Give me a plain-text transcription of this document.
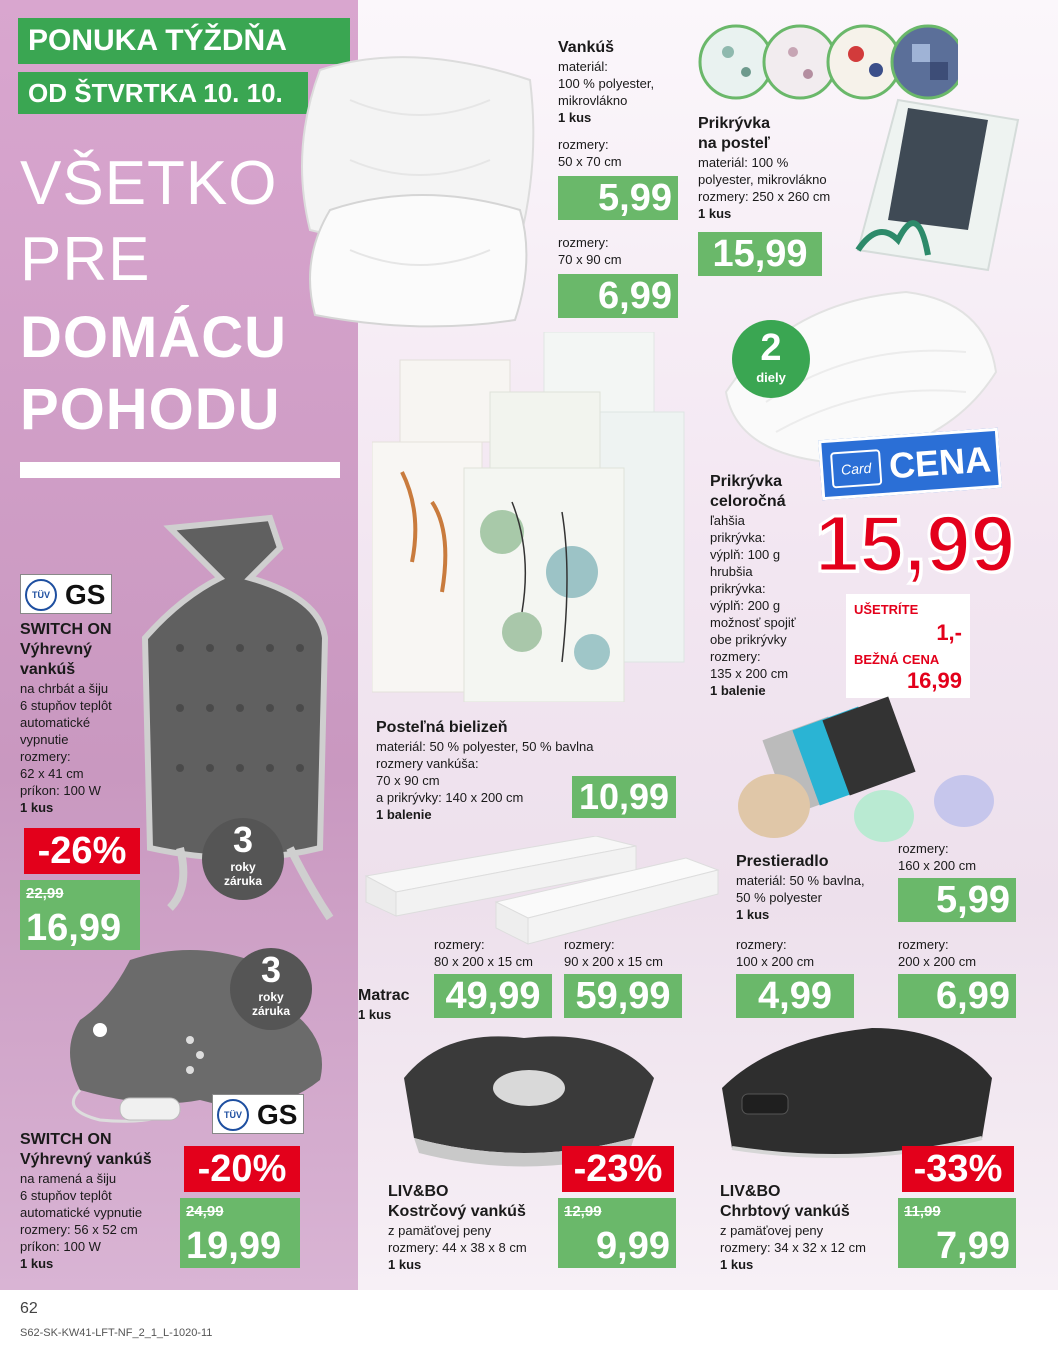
PONUKA TÝŽDŇA
OD ŠTVRTKA 10. 10.
VŠETKO
PRE
DOMÁCU
POHODU
Vankúš
materiál:
100 % polyester,
mikrovlákno
1 kus
rozmery:
50 x 70 cm
5,99
rozmery:
70 x 90 cm
6,99
Prikrývka
na posteľ
materiál: 100 %
polyester, mikrovlákno
rozmery: 250 x 260 cm
1 kus
15,99
2
diely
Prikrývka
celoročná
ľahšia
prikrývka:
výplň: 100 g
hrubšia
prikrývka:
výplň: 200 g
možnosť spojiť
obe prikrývky
rozmery:
135 x 200 cm
1 balenie
Card CENA
15,99
UŠETRÍTE
1,-
BEŽNÁ CENA
16,99
Posteľná bielizeň
materiál: 50 % polyester, 50 % bavlna
rozmery vankúša:
70 x 90 cm
a prikrývky: 140 x 200 cm
1 balenie	10,99
Prestieradlo
materiál: 50 % bavlna,
50 % polyester
1 kus
rozmery:
160 x 200 cm
5,99
rozmery:
100 x 200 cm
4,99
rozmery:
200 x 200 cm
6,99
Matrac
1 kus
rozmery:
80 x 200 x 15 cm
49,99
rozmery:
90 x 200 x 15 cm
59,99
TÜV GS
SWITCH ON
Výhrevný
vankúš
na chrbát a šiju
6 stupňov teplôt
automatické
vypnutie
rozmery:
62 x 41 cm
príkon: 100 W
1 kus
3
roky
záruka
-26%
22,99
16,99
3
roky
záruka
TÜV GS
SWITCH ON
Výhrevný vankúš
na ramená a šiju
6 stupňov teplôt
automatické vypnutie
rozmery: 56 x 52 cm
príkon: 100 W
1 kus
-20%
24,99
19,99
LIV&BO
Kostrčový vankúš
z pamäťovej peny
rozmery: 44 x 38 x 8 cm
1 kus
-23%
12,99
9,99
LIV&BO
Chrbtový vankúš
z pamäťovej peny
rozmery: 34 x 32 x 12 cm
1 kus
-33%
11,99
7,99
62
S62-SK-KW41-LFT-NF_2_1_L-1020-11
